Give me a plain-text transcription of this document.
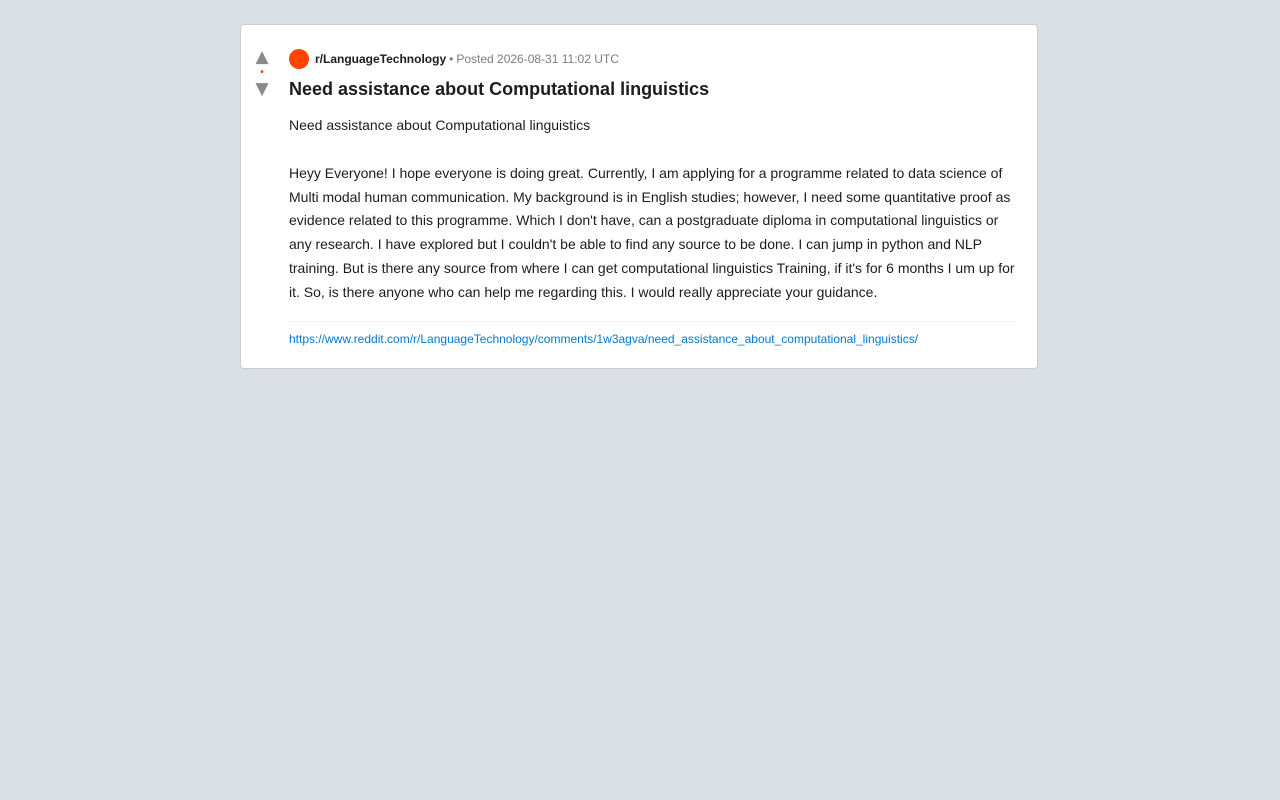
▲
•
▼
r/LanguageTechnology • Posted 2026-08-31 11:02 UTC
Need assistance about Computational linguistics

Need assistance about Computational linguistics

Heyy Everyone! I hope everyone is doing great. Currently, I am applying for a programme related to data science of Multi modal human communication. My background is in English studies; however, I need some quantitative proof as evidence related to this programme. Which I don't have, can a postgraduate diploma in computational linguistics or any research. I have explored but I couldn't be able to find any source to be done. I can jump in python and NLP training. But is there any source from where I can get computational linguistics Training, if it's for 6 months I um up for it. So, is there anyone who can help me regarding this. I would really appreciate your guidance.

https://www.reddit.com/r/LanguageTechnology/comments/1w3agva/need_assistance_about_computational_linguistics/
